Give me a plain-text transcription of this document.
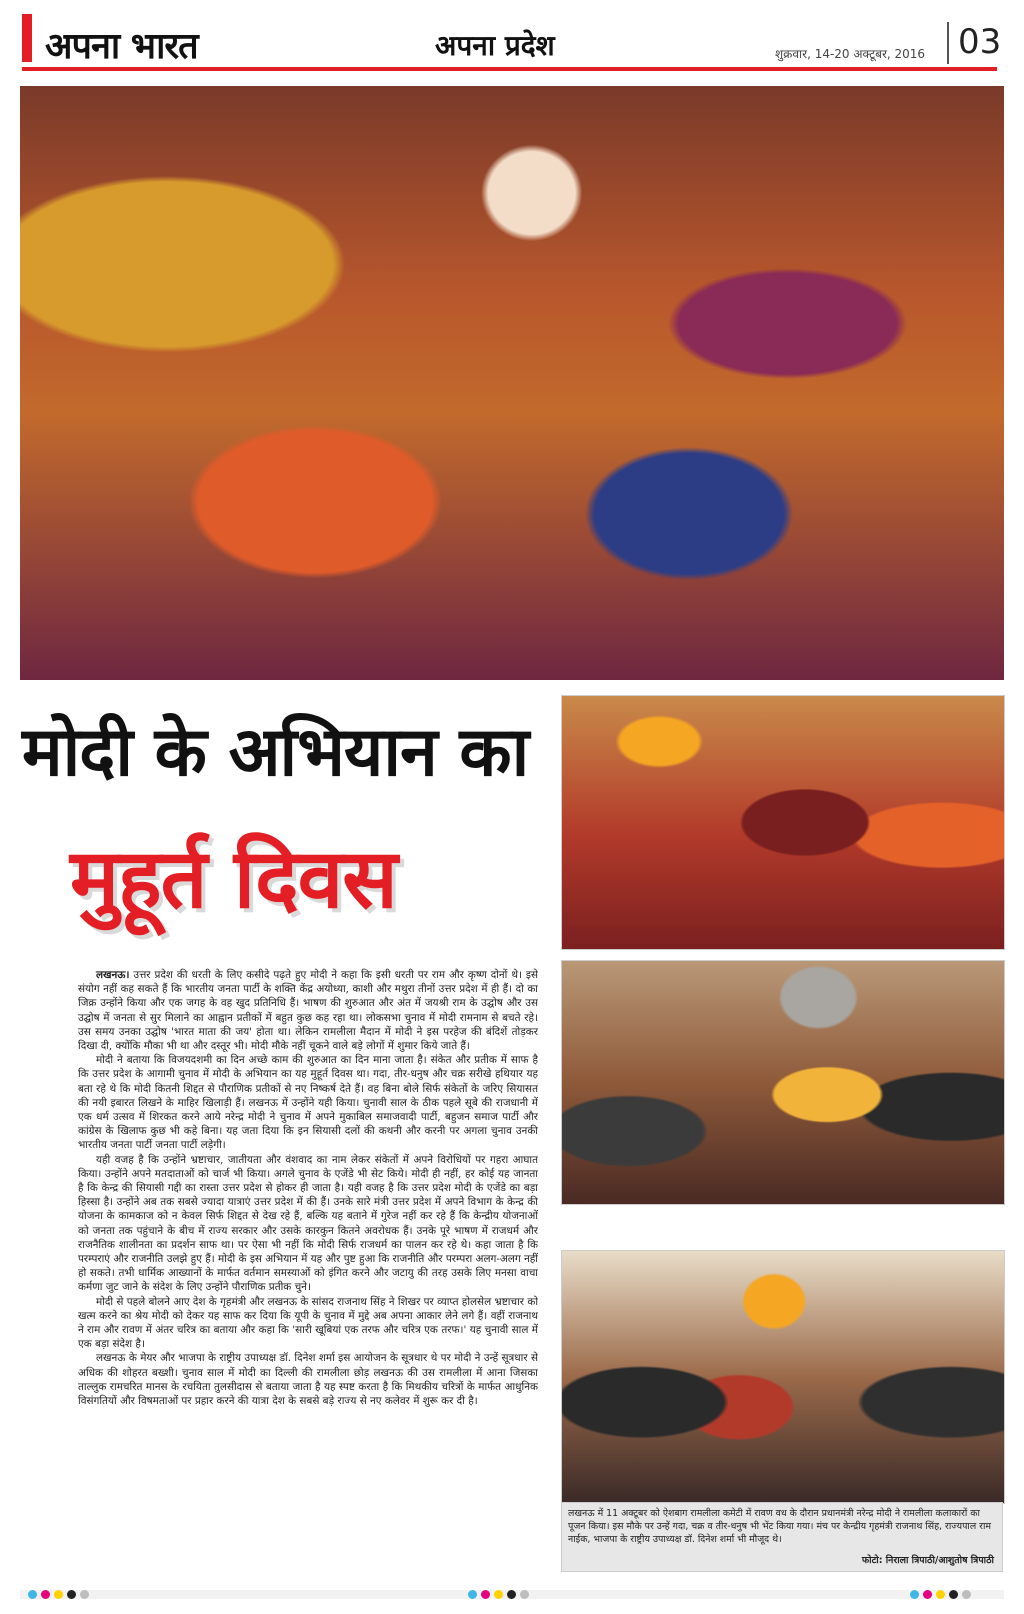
अपना भारत	अपना प्रदेश	शुक्रवार, 14-20 अक्टूबर, 2016 03
मोदी के अभियान का
मुहूर्त दिवस

लखनऊ। उत्तर प्रदेश की धरती के लिए कसीदे पढ़ते हुए मोदी ने कहा कि इसी धरती पर राम और कृष्ण दोनों थे। इसे संयोग नहीं कह सकते हैं कि भारतीय जनता पार्टी के शक्ति केंद्र अयोध्या, काशी और मथुरा तीनों उत्तर प्रदेश में ही हैं। दो का जिक्र उन्होंने किया और एक जगह के वह खुद प्रतिनिधि हैं। भाषण की शुरुआत और अंत में जयश्री राम के उद्घोष और उस उद्घोष में जनता से सुर मिलाने का आह्वान प्रतीकों में बहुत कुछ कह रहा था। लोकसभा चुनाव में मोदी रामनाम से बचते रहे। उस समय उनका उद्घोष 'भारत माता की जय' होता था। लेकिन रामलीला मैदान में मोदी ने इस परहेज की बंदिशें तोड़कर दिखा दी, क्योंकि मौका भी था और दस्तूर भी। मोदी मौके नहीं चूकने वाले बड़े लोगों में शुमार किये जाते हैं।

मोदी ने बताया कि विजयदशमी का दिन अच्छे काम की शुरुआत का दिन माना जाता है। संकेत और प्रतीक में साफ है कि उत्तर प्रदेश के आगामी चुनाव में मोदी के अभियान का यह मुहूर्त दिवस था। गदा, तीर-धनुष और चक्र सरीखे हथियार यह बता रहे थे कि मोदी कितनी शिद्दत से पौराणिक प्रतीकों से नए निष्कर्ष देते हैं। वह बिना बोले सिर्फ संकेतों के जरिए सियासत की नयी इबारत लिखने के माहिर खिलाड़ी हैं। लखनऊ में उन्होंने यही किया। चुनावी साल के ठीक पहले सूबे की राजधानी में एक धर्म उत्सव में शिरकत करने आये नरेन्द्र मोदी ने चुनाव में अपने मुकाबिल समाजवादी पार्टी, बहुजन समाज पार्टी और कांग्रेस के खिलाफ कुछ भी कहे बिना। यह जता दिया कि इन सियासी दलों की कथनी और करनी पर अगला चुनाव उनकी भारतीय जनता पार्टी जनता पार्टी लड़ेगी।

यही वजह है कि उन्होंने भ्रष्टाचार, जातीयता और वंशवाद का नाम लेकर संकेतों में अपने विरोधियों पर गहरा आघात किया। उन्होंने अपने मतदाताओं को चार्ज भी किया। अगले चुनाव के एजेंडे भी सेट किये। मोदी ही नहीं, हर कोई यह जानता है कि केन्द्र की सियासी गद्दी का रास्ता उत्तर प्रदेश से होकर ही जाता है। यही वजह है कि उत्तर प्रदेश मोदी के एजेंडे का बड़ा हिस्सा है। उन्होंने अब तक सबसे ज्यादा यात्राएं उत्तर प्रदेश में की हैं। उनके सारे मंत्री उत्तर प्रदेश में अपने विभाग के केन्द्र की योजना के कामकाज को न केवल सिर्फ शिद्दत से देख रहे हैं, बल्कि यह बताने में गुरेज नहीं कर रहे हैं कि केन्द्रीय योजनाओं को जनता तक पहुंचाने के बीच में राज्य सरकार और उसके कारकुन कितने अवरोधक हैं। उनके पूरे भाषण में राजधर्म और राजनैतिक शालीनता का प्रदर्शन साफ था। पर ऐसा भी नहीं कि मोदी सिर्फ राजधर्म का पालन कर रहे थे। कहा जाता है कि परम्पराएं और राजनीति उलझे हुए हैं। मोदी के इस अभियान में यह और पुष्ट हुआ कि राजनीति और परम्परा अलग-अलग नहीं हो सकते। तभी धार्मिक आख्यानों के मार्फत वर्तमान समस्याओं को इंगित करने और जटायु की तरह उसके लिए मनसा वाचा कर्मणा जुट जाने के संदेश के लिए उन्होंने पौराणिक प्रतीक चुने।

मोदी से पहले बोलने आए देश के गृहमंत्री और लखनऊ के सांसद राजनाथ सिंह ने शिखर पर व्याप्त होलसेल भ्रष्टाचार को खत्म करने का श्रेय मोदी को देकर यह साफ कर दिया कि यूपी के चुनाव में मुद्दे अब अपना आकार लेने लगे हैं। वहीं राजनाथ ने राम और रावण में अंतर चरित्र का बताया और कहा कि 'सारी खूबियां एक तरफ और चरित्र एक तरफ।' यह चुनावी साल में एक बड़ा संदेश है।

लखनऊ के मेयर और भाजपा के राष्ट्रीय उपाध्यक्ष डॉ. दिनेश शर्मा इस आयोजन के सूत्रधार थे पर मोदी ने उन्हें सूत्रधार से अधिक की शोहरत बख्शी। चुनाव साल में मोदी का दिल्ली की रामलीला छोड़ लखनऊ की उस रामलीला में आना जिसका ताल्लुक रामचरित मानस के रचयिता तुलसीदास से बताया जाता है यह स्पष्ट करता है कि मिथकीय चरित्रों के मार्फत आधुनिक विसंगतियों और विषमताओं पर प्रहार करने की यात्रा देश के सबसे बड़े राज्य से नए कलेवर में शुरू कर दी है।

लखनऊ में 11 अक्टूबर को ऐशबाग रामलीला कमेटी में रावण वध के दौरान प्रधानमंत्री नरेन्द्र मोदी ने रामलीला कलाकारों का पूजन किया। इस मौके पर उन्हें गदा, चक्र व तीर-धनुष भी भेंट किया गया। मंच पर केन्द्रीय गृहमंत्री राजनाथ सिंह, राज्यपाल राम नाईक, भाजपा के राष्ट्रीय उपाध्यक्ष डॉ. दिनेश शर्मा भी मौजूद थे।
फोटो: निराला त्रिपाठी/आशुतोष त्रिपाठी
